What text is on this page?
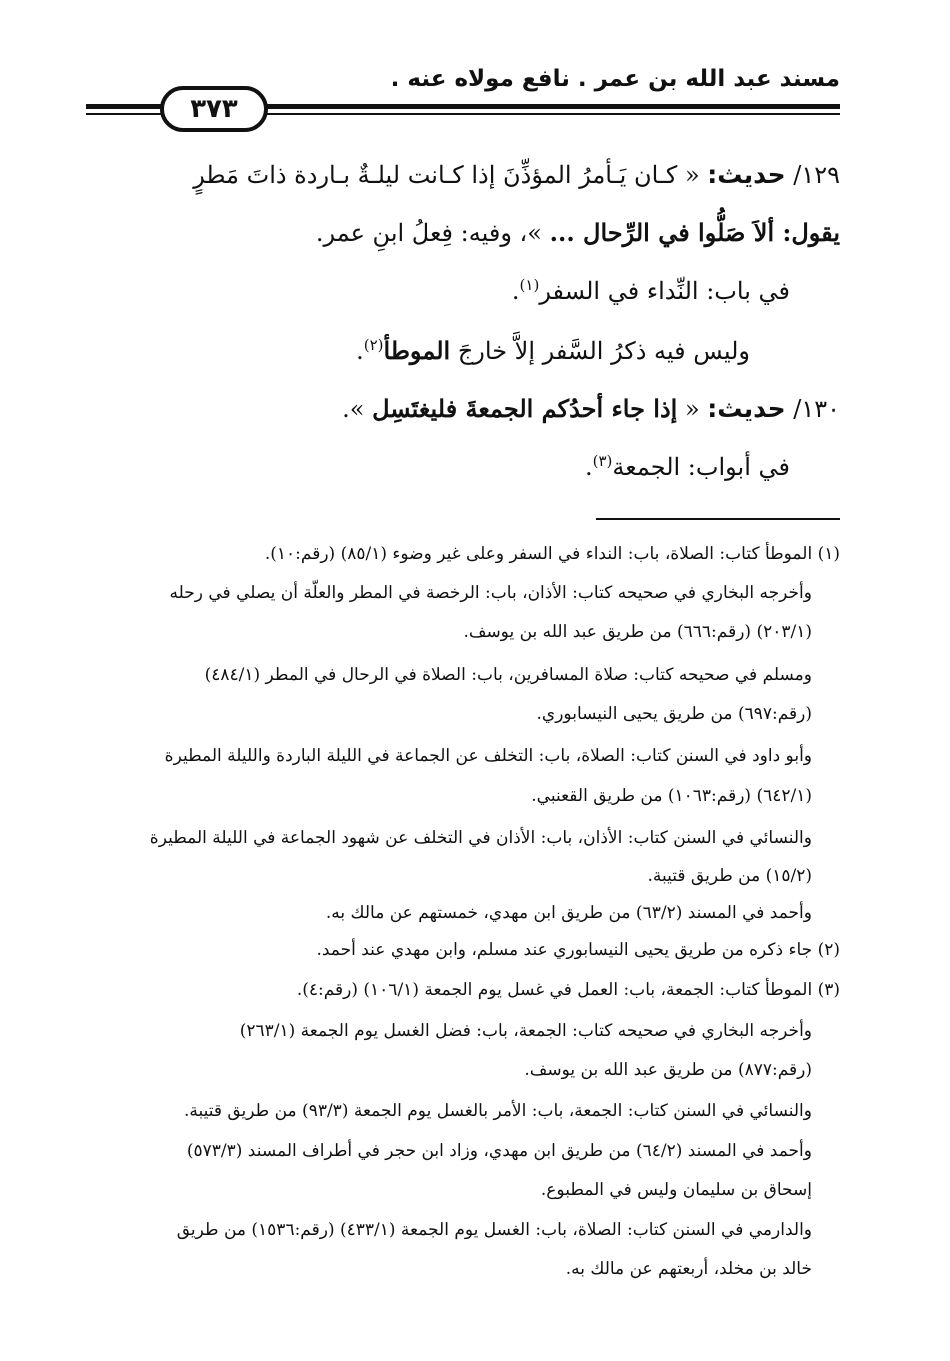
مسند عبد الله بن عمر . نافع مولاه عنه .
٣٧٣
١٢٩/ حديث: « كـان يَـأمرُ المؤذِّنَ إذا كـانت ليلـةٌ بـاردة ذاتَ مَطرٍ
يقول: ألاَ صَلُّوا في الرِّحال ... »، وفيه: فِعلُ ابنِ عمر.
في باب: النِّداء في السفر$^{(١)}$.
وليس فيه ذكرُ السَّفر إلاَّ خارجَ الموطأ$^{(٢)}$.
١٣٠/ حديث: « إذا جاء أحدُكم الجمعةَ فليغتَسِل ».
في أبواب: الجمعة$^{(٣)}$.
(١) الموطأ كتاب: الصلاة، باب: النداء في السفر وعلى غير وضوء (٨٥/١) (رقم:١٠).
وأخرجه البخاري في صحيحه كتاب: الأذان، باب: الرخصة في المطر والعلّة أن يصلي في رحله
(٢٠٣/١) (رقم:٦٦٦) من طريق عبد الله بن يوسف.
ومسلم في صحيحه كتاب: صلاة المسافرين، باب: الصلاة في الرحال في المطر (٤٨٤/١)
(رقم:٦٩٧) من طريق يحيى النيسابوري.
وأبو داود في السنن كتاب: الصلاة، باب: التخلف عن الجماعة في الليلة الباردة والليلة المطيرة
(٦٤٢/١) (رقم:١٠٦٣) من طريق القعنبي.
والنسائي في السنن كتاب: الأذان، باب: الأذان في التخلف عن شهود الجماعة في الليلة المطيرة
(١٥/٢) من طريق قتيبة.
وأحمد في المسند (٦٣/٢) من طريق ابن مهدي، خمستهم عن مالك به.
(٢) جاء ذكره من طريق يحيى النيسابوري عند مسلم، وابن مهدي عند أحمد.
(٣) الموطأ كتاب: الجمعة، باب: العمل في غسل يوم الجمعة (١٠٦/١) (رقم:٤).
وأخرجه البخاري في صحيحه كتاب: الجمعة، باب: فضل الغسل يوم الجمعة (٢٦٣/١)
(رقم:٨٧٧) من طريق عبد الله بن يوسف.
والنسائي في السنن كتاب: الجمعة، باب: الأمر بالغسل يوم الجمعة (٩٣/٣) من طريق قتيبة.
وأحمد في المسند (٦٤/٢) من طريق ابن مهدي، وزاد ابن حجر في أطراف المسند (٥٧٣/٣)
إسحاق بن سليمان وليس في المطبوع.
والدارمي في السنن كتاب: الصلاة، باب: الغسل يوم الجمعة (٤٣٣/١) (رقم:١٥٣٦) من طريق
خالد بن مخلد، أربعتهم عن مالك به.
